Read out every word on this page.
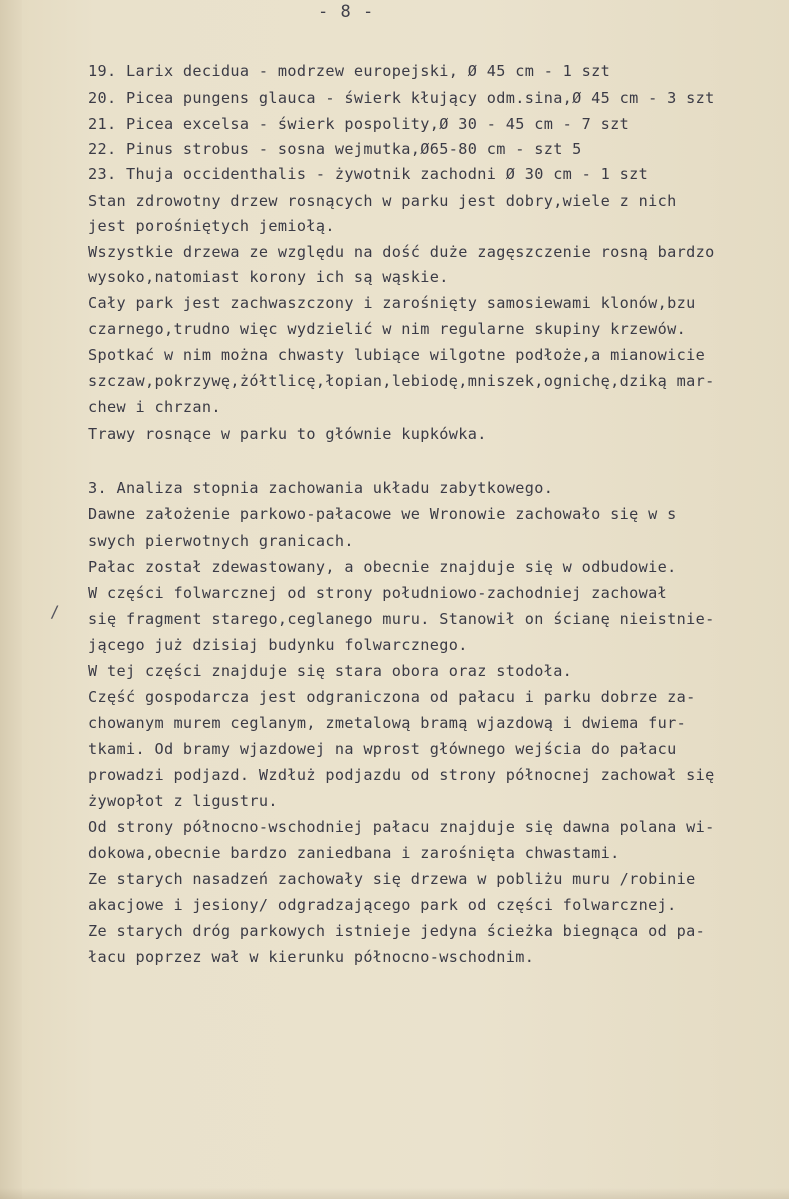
- 8 -
/
19. Larix decidua - modrzew europejski, Ø 45 cm - 1 szt
20. Picea pungens glauca - świerk kłujący odm.sina,Ø 45 cm - 3 szt
21. Picea excelsa - świerk pospolity,Ø 30 - 45 cm - 7 szt
22. Pinus strobus - sosna wejmutka,Ø65-80 cm - szt 5
23. Thuja occidenthalis - żywotnik zachodni Ø 30 cm - 1 szt
Stan zdrowotny drzew rosnących w parku jest dobry,wiele z nich
jest porośniętych jemiołą.
Wszystkie drzewa ze względu na dość duże zagęszczenie rosną bardzo
wysoko,natomiast korony ich są wąskie.
Cały park jest zachwaszczony i zarośnięty samosiewami klonów,bzu
czarnego,trudno więc wydzielić w nim regularne skupiny krzewów.
Spotkać w nim można chwasty lubiące wilgotne podłoże,a mianowicie
szczaw,pokrzywę,żółtlicę,łopian,lebiodę,mniszek,ognichę,dziką mar-
chew i chrzan.
Trawy rosnące w parku to głównie kupkówka.
3. Analiza stopnia zachowania układu zabytkowego.
Dawne założenie parkowo-pałacowe we Wronowie zachowało się w s
swych pierwotnych granicach.
Pałac został zdewastowany, a obecnie znajduje się w odbudowie.
W części folwarcznej od strony południowo-zachodniej zachował
się fragment starego,ceglanego muru. Stanowił on ścianę nieistnie-
jącego już dzisiaj budynku folwarcznego.
W tej części znajduje się stara obora oraz stodoła.
Część gospodarcza jest odgraniczona od pałacu i parku dobrze za-
chowanym murem ceglanym, zmetalową bramą wjazdową i dwiema fur-
tkami. Od bramy wjazdowej na wprost głównego wejścia do pałacu
prowadzi podjazd. Wzdłuż podjazdu od strony północnej zachował się
żywopłot z ligustru.
Od strony północno-wschodniej pałacu znajduje się dawna polana wi-
dokowa,obecnie bardzo zaniedbana i zarośnięta chwastami.
Ze starych nasadzeń zachowały się drzewa w pobliżu muru /robinie
akacjowe i jesiony/ odgradzającego park od części folwarcznej.
Ze starych dróg parkowych istnieje jedyna ścieżka biegnąca od pa-
łacu poprzez wał w kierunku północno-wschodnim.
